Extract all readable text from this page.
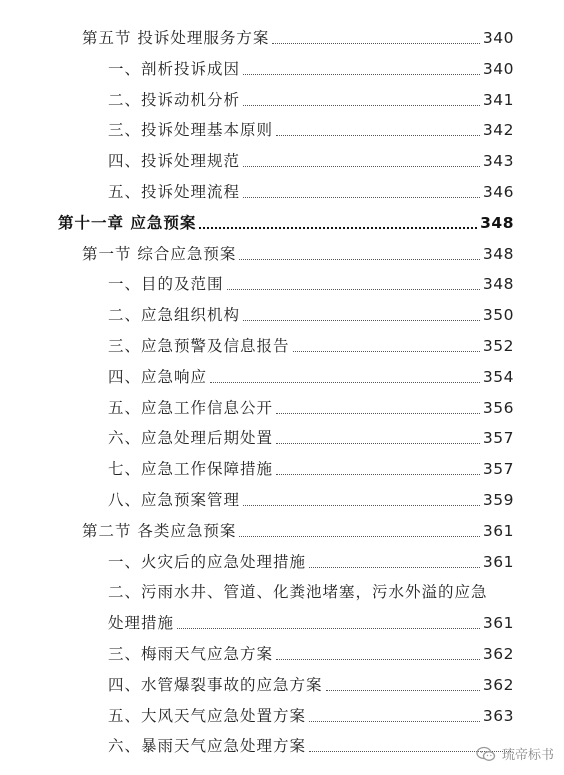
第五节 投诉处理服务方案	340
一、剖析投诉成因	340
二、投诉动机分析	341
三、投诉处理基本原则	342
四、投诉处理规范	343
五、投诉处理流程	346
第十一章 应急预案	348
第一节 综合应急预案	348
一、目的及范围	348
二、应急组织机构	350
三、应急预警及信息报告	352
四、应急响应	354
五、应急工作信息公开	356
六、应急处理后期处置	357
七、应急工作保障措施	357
八、应急预案管理	359
第二节 各类应急预案	361
一、火灾后的应急处理措施	361
二、污雨水井、管道、化粪池堵塞，污水外溢的应急
处理措施	361
三、梅雨天气应急方案	362
四、水管爆裂事故的应急方案	362
五、大风天气应急处置方案	363
六、暴雨天气应急处理方案
琉帝标书
